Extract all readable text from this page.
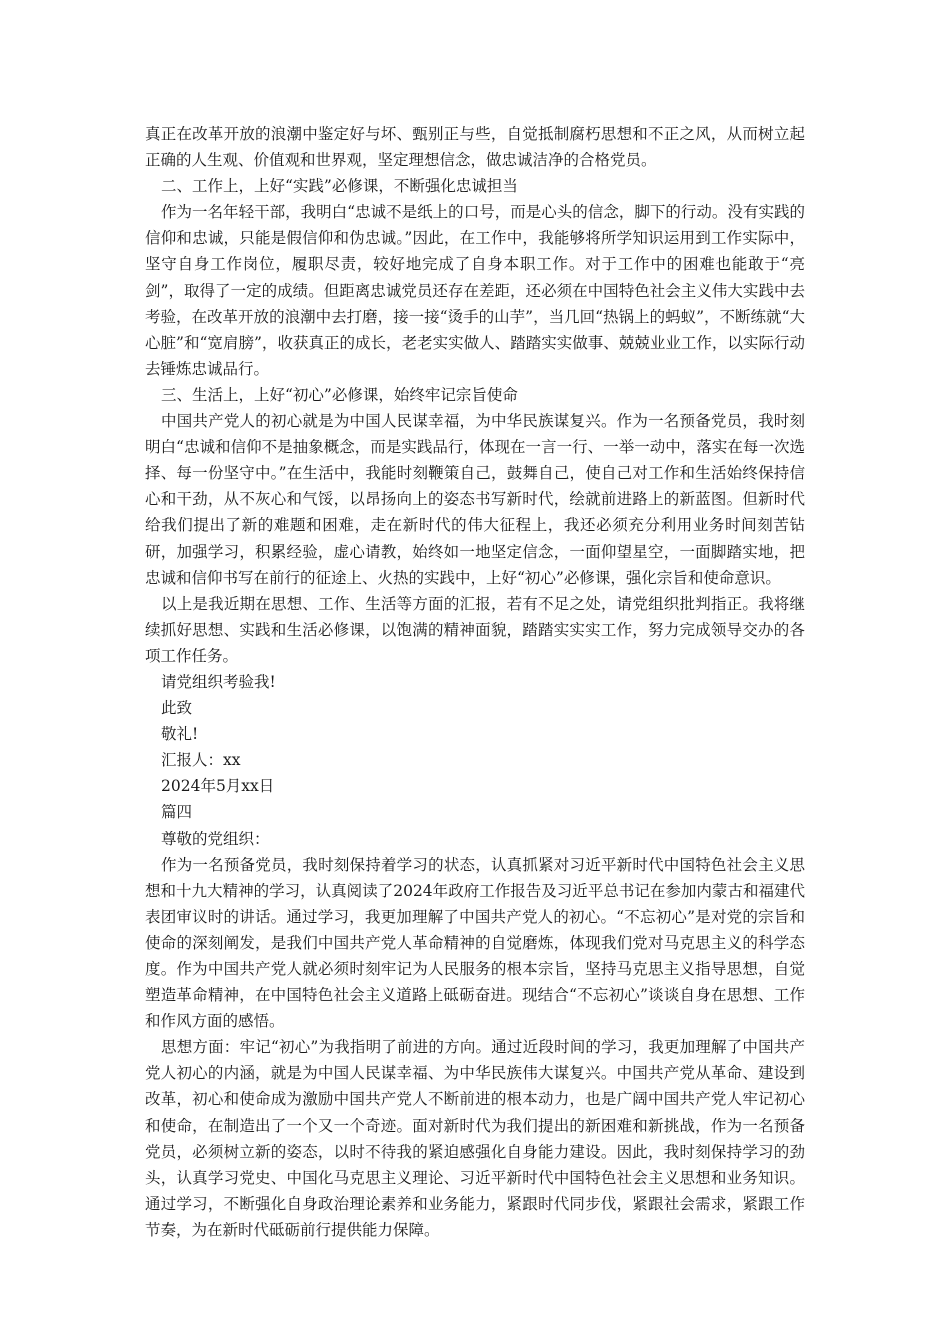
真正在改革开放的浪潮中鉴定好与坏、甄别正与些，自觉抵制腐朽思想和不正之风，从而树立起正确的人生观、价值观和世界观，坚定理想信念，做忠诚洁净的合格党员。

二、工作上，上好“实践”必修课，不断强化忠诚担当

作为一名年轻干部，我明白“忠诚不是纸上的口号，而是心头的信念，脚下的行动。没有实践的信仰和忠诚，只能是假信仰和伪忠诚。”因此，在工作中，我能够将所学知识运用到工作实际中，坚守自身工作岗位，履职尽责，较好地完成了自身本职工作。对于工作中的困难也能敢于“亮剑”，取得了一定的成绩。但距离忠诚党员还存在差距，还必须在中国特色社会主义伟大实践中去考验，在改革开放的浪潮中去打磨，接一接“烫手的山芋”，当几回“热锅上的蚂蚁”，不断练就“大心脏”和“宽肩膀”，收获真正的成长，老老实实做人、踏踏实实做事、兢兢业业工作，以实际行动去锤炼忠诚品行。

三、生活上，上好“初心”必修课，始终牢记宗旨使命

中国共产党人的初心就是为中国人民谋幸福，为中华民族谋复兴。作为一名预备党员，我时刻明白“忠诚和信仰不是抽象概念，而是实践品行，体现在一言一行、一举一动中，落实在每一次选择、每一份坚守中。”在生活中，我能时刻鞭策自己，鼓舞自己，使自己对工作和生活始终保持信心和干劲，从不灰心和气馁，以昂扬向上的姿态书写新时代，绘就前进路上的新蓝图。但新时代给我们提出了新的难题和困难，走在新时代的伟大征程上，我还必须充分利用业务时间刻苦钻研，加强学习，积累经验，虚心请教，始终如一地坚定信念，一面仰望星空，一面脚踏实地，把忠诚和信仰书写在前行的征途上、火热的实践中，上好“初心”必修课，强化宗旨和使命意识。

以上是我近期在思想、工作、生活等方面的汇报，若有不足之处，请党组织批判指正。我将继续抓好思想、实践和生活必修课，以饱满的精神面貌，踏踏实实实工作，努力完成领导交办的各项工作任务。

请党组织考验我!

此致

敬礼!

汇报人：xx

2024年5月xx日

篇四

尊敬的党组织：

作为一名预备党员，我时刻保持着学习的状态，认真抓紧对习近平新时代中国特色社会主义思想和十九大精神的学习，认真阅读了2024年政府工作报告及习近平总书记在参加内蒙古和福建代表团审议时的讲话。通过学习，我更加理解了中国共产党人的初心。“不忘初心”是对党的宗旨和使命的深刻阐发，是我们中国共产党人革命精神的自觉磨炼，体现我们党对马克思主义的科学态度。作为中国共产党人就必须时刻牢记为人民服务的根本宗旨，坚持马克思主义指导思想，自觉塑造革命精神，在中国特色社会主义道路上砥砺奋进。现结合“不忘初心”谈谈自身在思想、工作和作风方面的感悟。

思想方面：牢记“初心”为我指明了前进的方向。通过近段时间的学习，我更加理解了中国共产党人初心的内涵，就是为中国人民谋幸福、为中华民族伟大谋复兴。中国共产党从革命、建设到改革，初心和使命成为激励中国共产党人不断前进的根本动力，也是广阔中国共产党人牢记初心和使命，在制造出了一个又一个奇迹。面对新时代为我们提出的新困难和新挑战，作为一名预备党员，必须树立新的姿态，以时不待我的紧迫感强化自身能力建设。因此，我时刻保持学习的劲头，认真学习党史、中国化马克思主义理论、习近平新时代中国特色社会主义思想和业务知识。通过学习，不断强化自身政治理论素养和业务能力，紧跟时代同步伐，紧跟社会需求，紧跟工作节奏，为在新时代砥砺前行提供能力保障。
